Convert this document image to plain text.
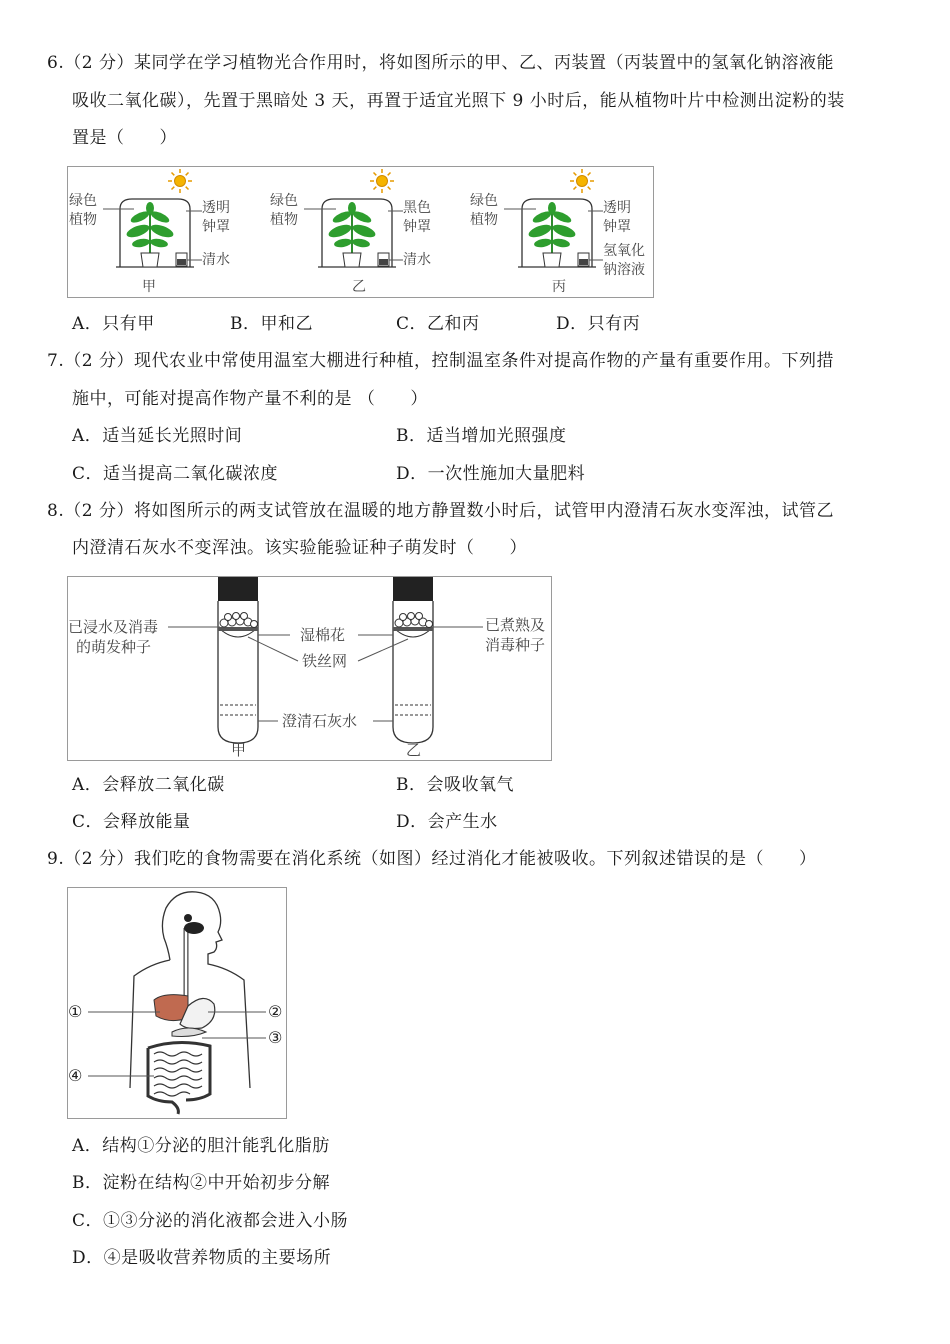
6.（2 分）某同学在学习植物光合作用时，将如图所示的甲、乙、丙装置（丙装置中的氢氧化钠溶液能
吸收二氧化碳），先置于黑暗处 3 天，再置于适宜光照下 9 小时后，能从植物叶片中检测出淀粉的装
置是（　　）
绿色
植物
透明
钟罩
清水
甲
绿色
植物
黑色
钟罩
清水
乙
绿色
植物
透明
钟罩
氢氧化
钠溶液
丙
A．只有甲	B．甲和乙	C．乙和丙	D．只有丙
7.（2 分）现代农业中常使用温室大棚进行种植，控制温室条件对提高作物的产量有重要作用。下列措
施中，可能对提高作物产量不利的是 （　　）
A．适当延长光照时间	B．适当增加光照强度
C．适当提高二氧化碳浓度	D．一次性施加大量肥料
8.（2 分）将如图所示的两支试管放在温暖的地方静置数小时后，试管甲内澄清石灰水变浑浊，试管乙
内澄清石灰水不变浑浊。该实验能验证种子萌发时（　　）
已浸水及消毒
的萌发种子
湿棉花
铁丝网
澄清石灰水
已煮熟及
消毒种子
甲	乙
A．会释放二氧化碳	B．会吸收氧气
C．会释放能量	D．会产生水
9.（2 分）我们吃的食物需要在消化系统（如图）经过消化才能被吸收。下列叙述错误的是（　　）
①	②
③
④
A．结构①分泌的胆汁能乳化脂肪
B．淀粉在结构②中开始初步分解
C．①③分泌的消化液都会进入小肠
D．④是吸收营养物质的主要场所
